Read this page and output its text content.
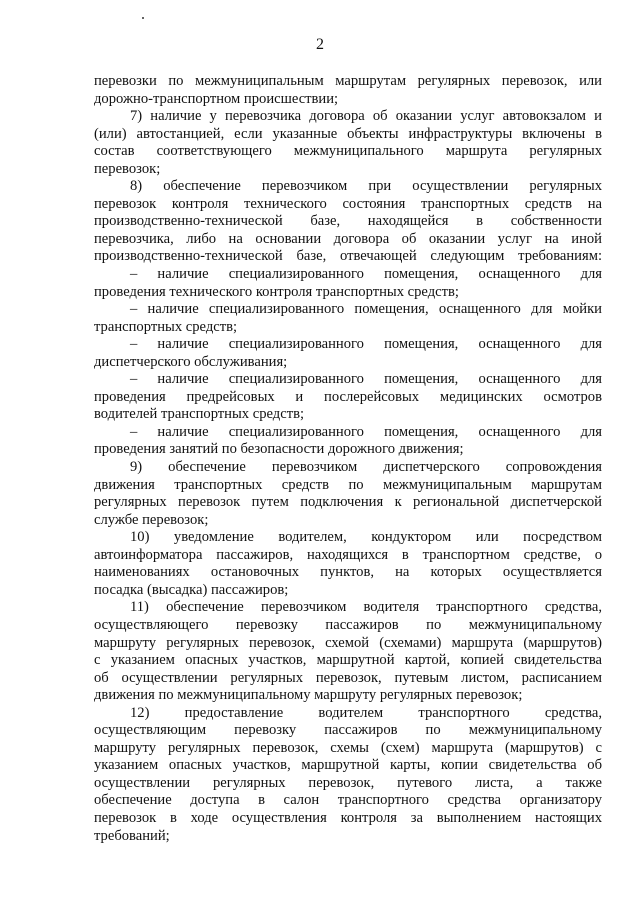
2
перевозки по межмуниципальным маршрутам регулярных перевозок, или
дорожно-транспортном происшествии;
7) наличие у перевозчика договора об оказании услуг автовокзалом и
(или) автостанцией, если указанные объекты инфраструктуры включены в
состав соответствующего межмуниципального маршрута регулярных
перевозок;
8) обеспечение перевозчиком при осуществлении регулярных
перевозок контроля технического состояния транспортных средств на
производственно-технической базе, находящейся в собственности
перевозчика, либо на основании договора об оказании услуг на иной
производственно-технической базе, отвечающей следующим требованиям:
– наличие специализированного помещения, оснащенного для
проведения технического контроля транспортных средств;
– наличие специализированного помещения, оснащенного для мойки
транспортных средств;
– наличие специализированного помещения, оснащенного для
диспетчерского обслуживания;
– наличие специализированного помещения, оснащенного для
проведения предрейсовых и послерейсовых медицинских осмотров
водителей транспортных средств;
– наличие специализированного помещения, оснащенного для
проведения занятий по безопасности дорожного движения;
9) обеспечение перевозчиком диспетчерского сопровождения
движения транспортных средств по межмуниципальным маршрутам
регулярных перевозок путем подключения к региональной диспетчерской
службе перевозок;
10) уведомление водителем, кондуктором или посредством
автоинформатора пассажиров, находящихся в транспортном средстве, о
наименованиях остановочных пунктов, на которых осуществляется
посадка (высадка) пассажиров;
11) обеспечение перевозчиком водителя транспортного средства,
осуществляющего перевозку пассажиров по межмуниципальному
маршруту регулярных перевозок, схемой (схемами) маршрута (маршрутов)
с указанием опасных участков, маршрутной картой, копией свидетельства
об осуществлении регулярных перевозок, путевым листом, расписанием
движения по межмуниципальному маршруту регулярных перевозок;
12) предоставление водителем транспортного средства,
осуществляющим перевозку пассажиров по межмуниципальному
маршруту регулярных перевозок, схемы (схем) маршрута (маршрутов) с
указанием опасных участков, маршрутной карты, копии свидетельства об
осуществлении регулярных перевозок, путевого листа, а также
обеспечение доступа в салон транспортного средства организатору
перевозок в ходе осуществления контроля за выполнением настоящих
требований;
